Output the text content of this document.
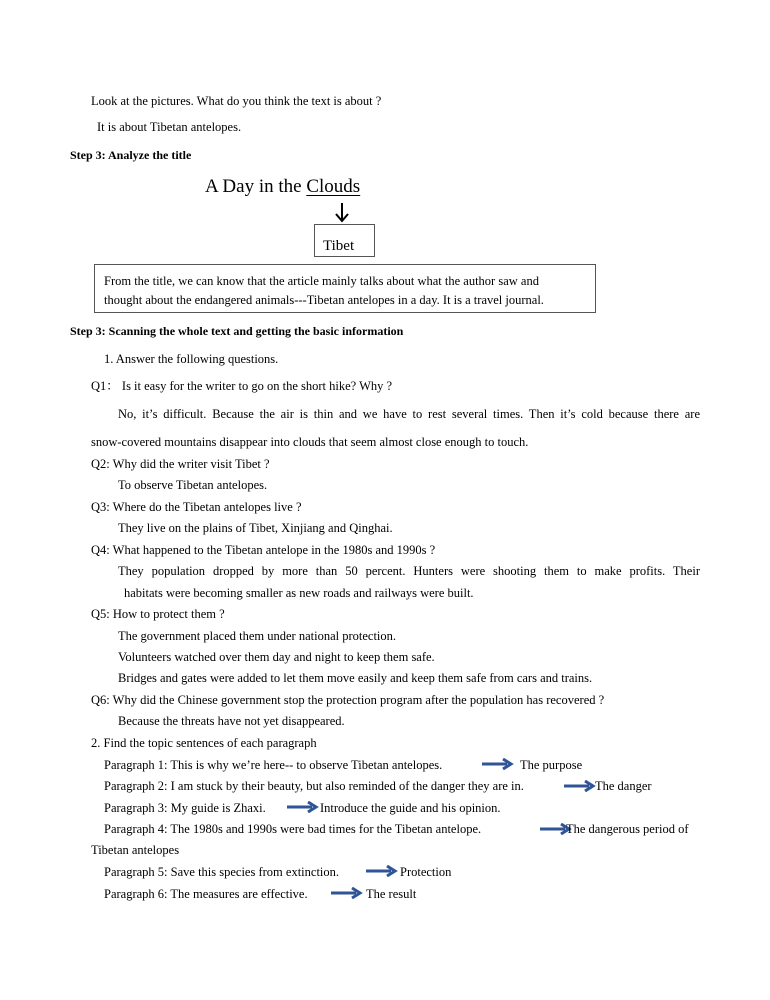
Look at the pictures. What do you think the text is about ?
It is about Tibetan antelopes.
Step 3: Analyze the title
A Day in the Clouds
Tibet
From the title, we can know that the article mainly talks about what the author saw and
thought about the endangered animals---Tibetan antelopes in a day. It is a travel journal.
Step 3: Scanning the whole text and getting the basic information
1. Answer the following questions.
Q1： Is it easy for the writer to go on the short hike? Why ?
No, it’s difficult. Because the air is thin and we have to rest several times. Then it’s cold because there are
snow-covered mountains disappear into clouds that seem almost close enough to touch.
Q2: Why did the writer visit Tibet ?
To observe Tibetan antelopes.
Q3: Where do the Tibetan antelopes live ?
They live on the plains of Tibet, Xinjiang and Qinghai.
Q4: What happened to the Tibetan antelope in the 1980s and 1990s ?
They population dropped by more than 50 percent. Hunters were shooting them to make profits. Their
habitats were becoming smaller as new roads and railways were built.
Q5: How to protect them ?
The government placed them under national protection.
Volunteers watched over them day and night to keep them safe.
Bridges and gates were added to let them move easily and keep them safe from cars and trains.
Q6: Why did the Chinese government stop the protection program after the population has recovered ?
Because the threats have not yet disappeared.
2. Find the topic sentences of each paragraph
Paragraph 1: This is why we’re here-- to observe Tibetan antelopes.	The purpose
Paragraph 2: I am stuck by their beauty, but also reminded of the danger they are in.	The danger
Paragraph 3: My guide is Zhaxi.	Introduce the guide and his opinion.
Paragraph 4: The 1980s and 1990s were bad times for the Tibetan antelope.	The dangerous period of
Tibetan antelopes
Paragraph 5: Save this species from extinction.	Protection
Paragraph 6: The measures are effective.	The result
